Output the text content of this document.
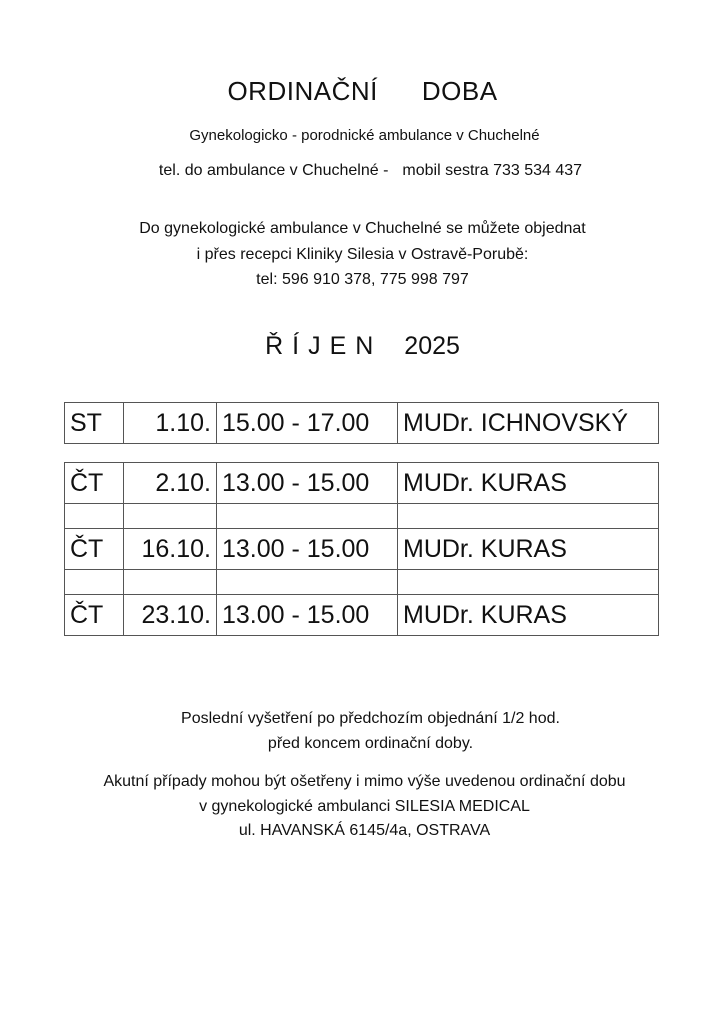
ORDINAČNÍ DOBA
Gynekologicko - porodnické ambulance v Chuchelné
tel. do ambulance v Chuchelné - mobil sestra 733 534 437
Do gynekologické ambulance v Chuchelné se můžete objednat
i přes recepci Kliniky Silesia v Ostravě-Porubě:
tel: 596 910 378, 775 998 797
ŘÍJEN 2025
ST	1.10.	15.00 - 17.00	MUDr. ICHNOVSKÝ
ČT	2.10.	13.00 - 15.00	MUDr. KURAS

ČT	16.10.	13.00 - 15.00	MUDr. KURAS

ČT	23.10.	13.00 - 15.00	MUDr. KURAS
Poslední vyšetření po předchozím objednání 1/2 hod.
před koncem ordinační doby.
Akutní případy mohou být ošetřeny i mimo výše uvedenou ordinační dobu
v gynekologické ambulanci SILESIA MEDICAL
ul. HAVANSKÁ 6145/4a, OSTRAVA
